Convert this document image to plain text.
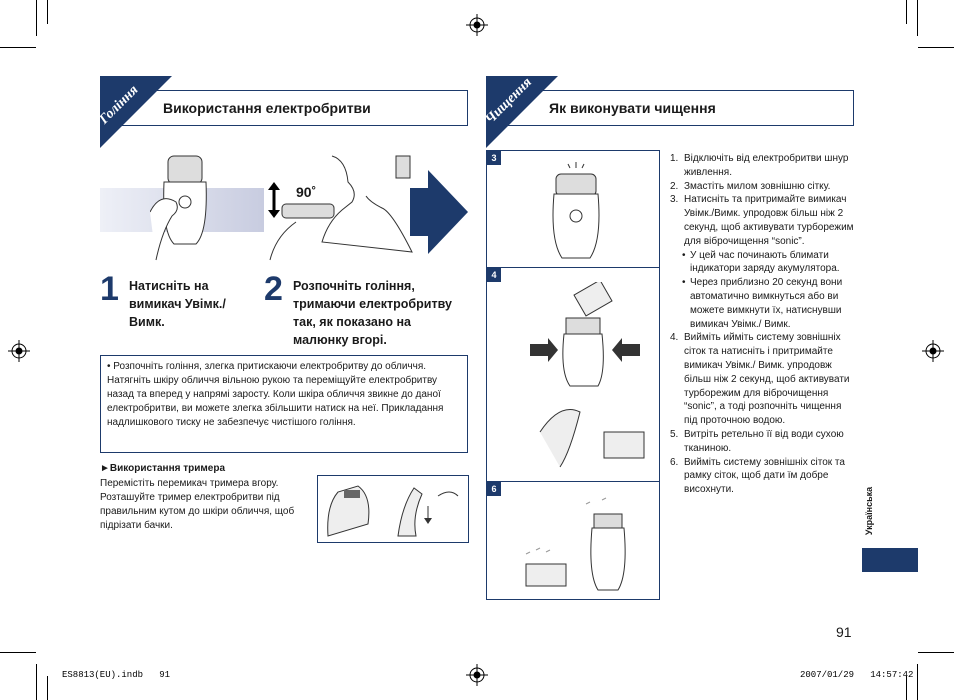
Гоління Використання електробритви
90˚
1 Натисніть на вимикач Увімк./ Вимк.
2 Розпочніть гоління, тримаючи електробритву так, як показано на малюнку вгорі.
• Розпочніть гоління, злегка притискаючи електробритву до обличчя. Натягніть шкіру обличчя вільною рукою та переміщуйте електробритву назад та вперед у напрямі заросту. Коли шкіра обличчя звикне до даної електробритви, ви можете злегка збільшити натиск на неї. Прикладання надлишкового тиску не забезпечує чистішого гоління.
►Використання тримера
Перемістіть перемикач тримера вгору. Розташуйте тример електробритви під правильним кутом до шкіри обличчя, щоб підрізати бачки.
Чищення Як виконувати чищення
3
4
6
1. Відключіть від електробритви шнур живлення.
2. Змастіть милом зовнішню сітку.
3. Натисніть та притримайте вимикач Увімк./Вимк. упродовж більш ніж 2 секунд, щоб активувати турборежим для віброчищення “sonic”.
• У цей час починають блимати індикатори заряду акумулятора.
• Через приблизно 20 секунд вони автоматично вимкнуться або ви можете вимкнути їх, натиснувши вимикач Увімк./ Вимк.
4. Вийміть ийміть систему зовнішніх сіток та натисніть і притримайте вимикач Увімк./ Вимк. упродовж більш ніж 2 секунд, щоб активувати турборежим для віброчищення “sonic”, а тоді розпочніть чищення під проточною водою.
5. Витріть ретельно її від води сухою тканиною.
6. Вийміть систему зовнішніх сіток та рамку сіток, щоб дати їм добре висохнути.	Українська
91
ES8813(EU).indb   91	2007/01/29   14:57:42
